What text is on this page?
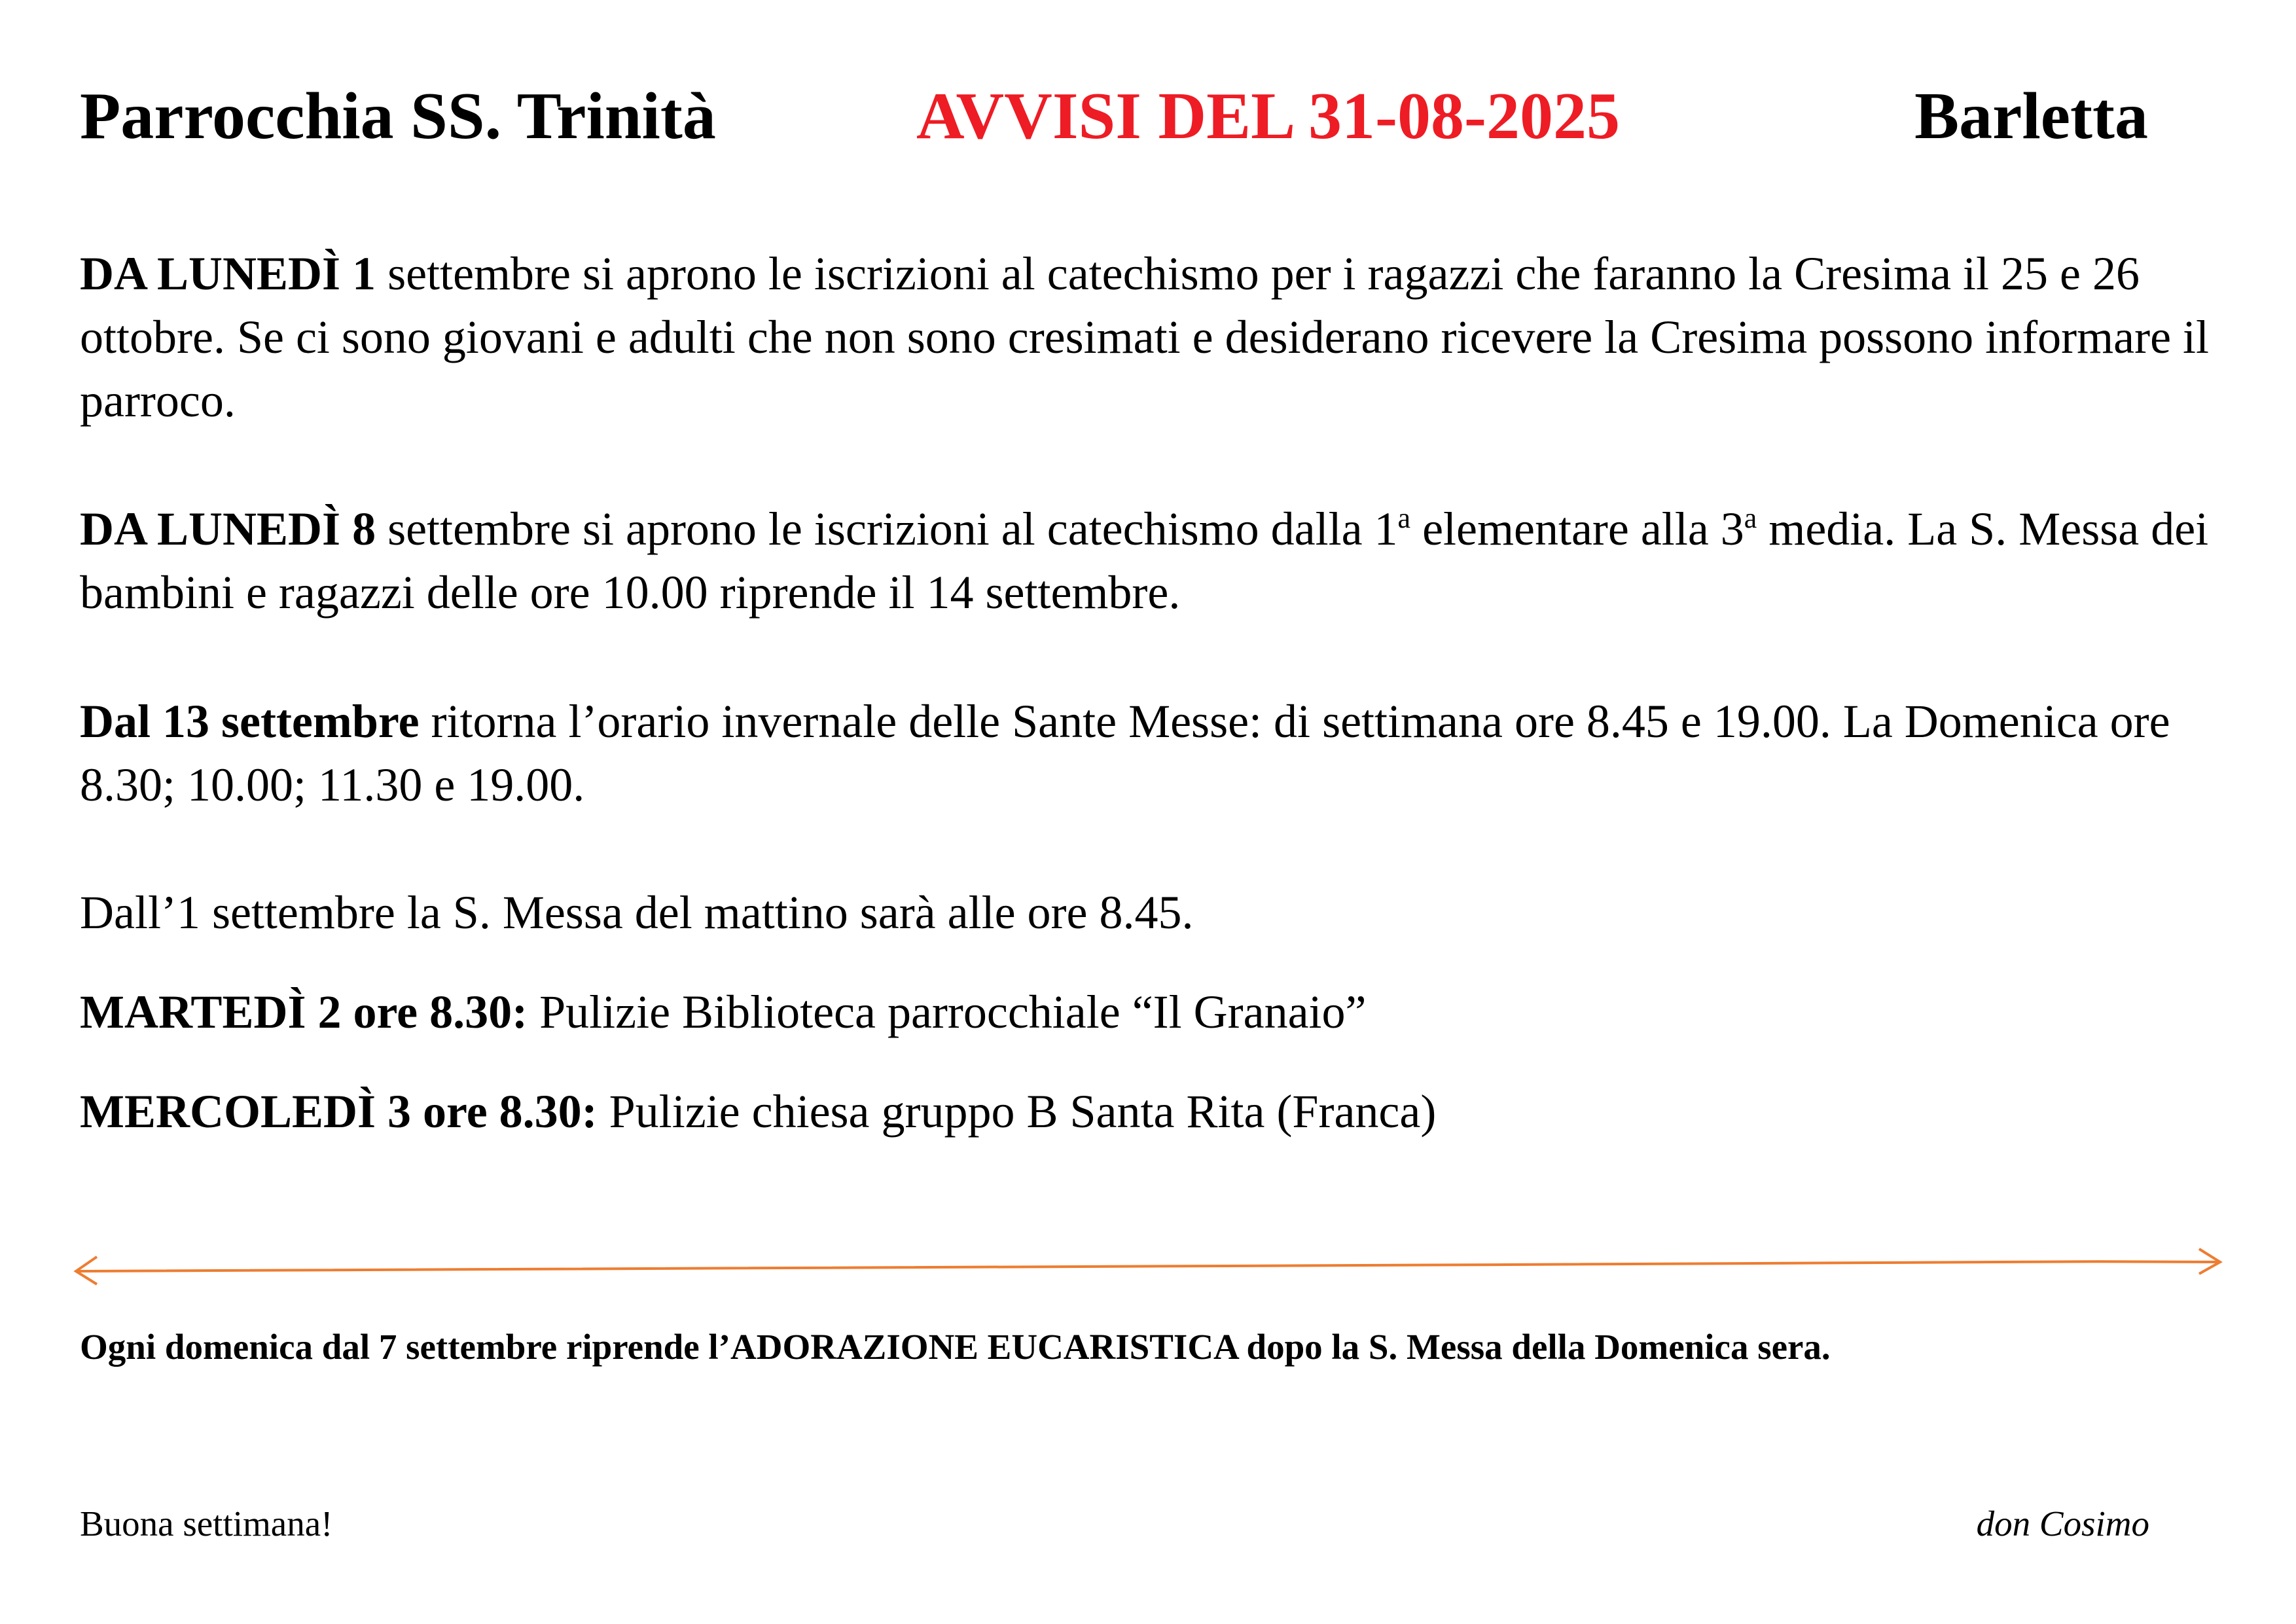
Parrocchia SS. Trinità	AVVISI DEL 31-08-2025	Barletta

DA LUNEDÌ 1 settembre si aprono le iscrizioni al catechismo per i ragazzi che faranno la Cresima il 25 e 26 ottobre. Se ci sono giovani e adulti che non sono cresimati e desiderano ricevere la Cresima possono informare il parroco.

DA LUNEDÌ 8 settembre si aprono le iscrizioni al catechismo dalla 1$^a$ elementare alla 3$^a$ media. La S. Messa dei bambini e ragazzi delle ore 10.00 riprende il 14 settembre.

Dal 13 settembre ritorna l’orario invernale delle Sante Messe: di settimana ore 8.45 e 19.00. La Domenica ore 8.30; 10.00; 11.30 e 19.00.

Dall’1 settembre la S. Messa del mattino sarà alle ore 8.45.

MARTEDÌ 2 ore 8.30: Pulizie Biblioteca parrocchiale “Il Granaio”

MERCOLEDÌ 3 ore 8.30: Pulizie chiesa gruppo B Santa Rita (Franca)

Ogni domenica dal 7 settembre riprende l’ADORAZIONE EUCARISTICA dopo la S. Messa della Domenica sera.

Buona settimana!	don Cosimo
